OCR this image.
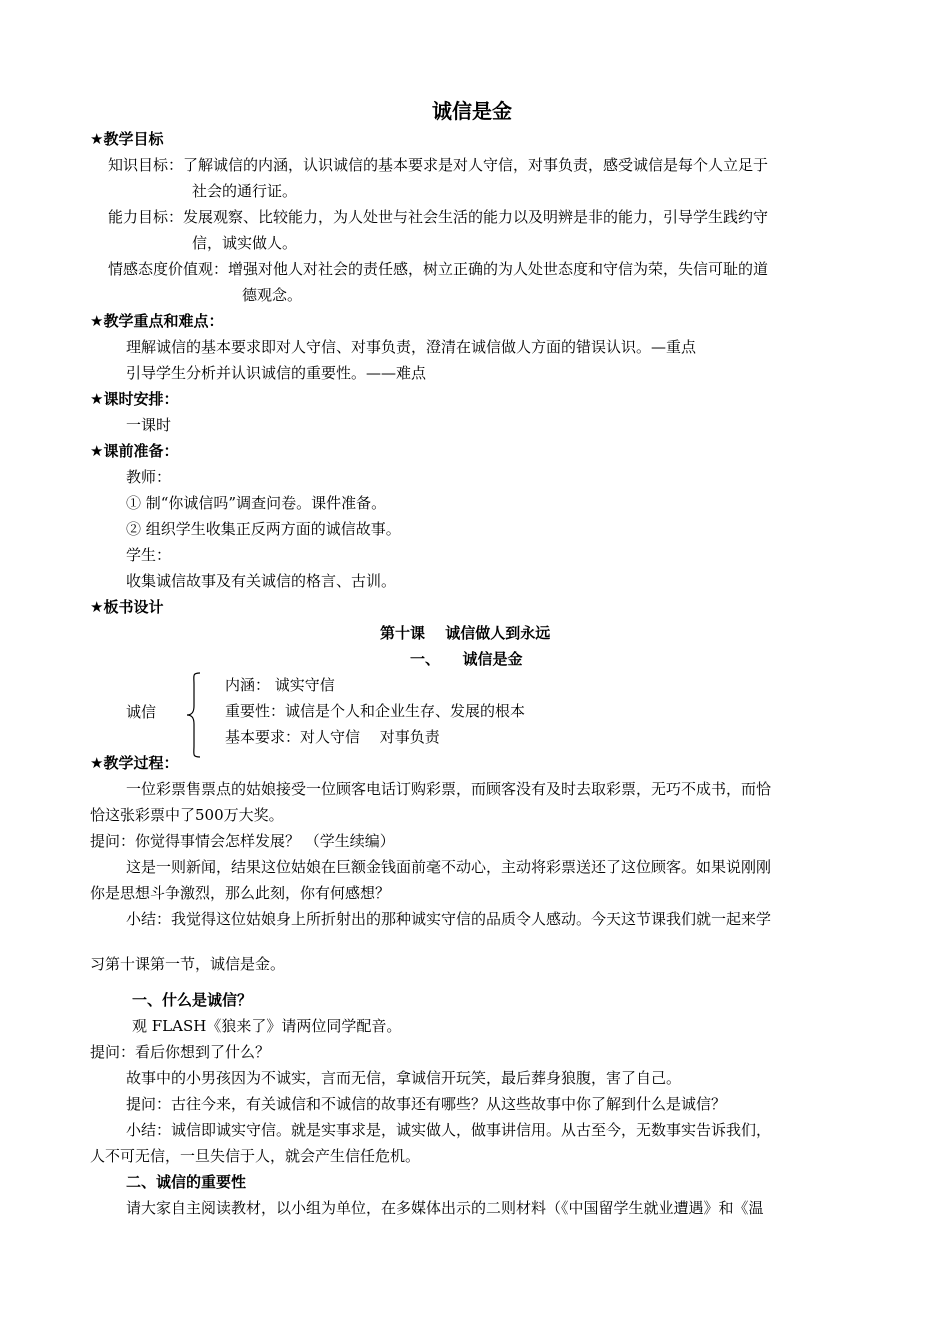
诚信是金
★教学目标
知识目标：了解诚信的内涵，认识诚信的基本要求是对人守信，对事负责，感受诚信是每个人立足于
社会的通行证。
能力目标：发展观察、比较能力，为人处世与社会生活的能力以及明辨是非的能力，引导学生践约守
信，诚实做人。
情感态度价值观：增强对他人对社会的责任感，树立正确的为人处世态度和守信为荣，失信可耻的道
德观念。
★教学重点和难点：
理解诚信的基本要求即对人守信、对事负责，澄清在诚信做人方面的错误认识。—重点
引导学生分析并认识诚信的重要性。——难点
★课时安排：
一课时
★课前准备：
教师：
① 制“你诚信吗”调查问卷。课件准备。
② 组织学生收集正反两方面的诚信故事。
学生：
收集诚信故事及有关诚信的格言、古训。
★板书设计
第十课　 诚信做人到永远
一、　　诚信是金
诚信
内涵： 诚实守信
重要性：诚信是个人和企业生存、发展的根本
基本要求：对人守信　 对事负责
★教学过程：
一位彩票售票点的姑娘接受一位顾客电话订购彩票，而顾客没有及时去取彩票，无巧不成书，而恰
恰这张彩票中了500万大奖。
提问：你觉得事情会怎样发展？ （学生续编）
这是一则新闻，结果这位姑娘在巨额金钱面前毫不动心，主动将彩票送还了这位顾客。如果说刚刚
你是思想斗争激烈，那么此刻，你有何感想？
小结：我觉得这位姑娘身上所折射出的那种诚实守信的品质令人感动。今天这节课我们就一起来学
习第十课第一节，诚信是金。
一、什么是诚信？
观 FLASH《狼来了》请两位同学配音。
提问：看后你想到了什么？
故事中的小男孩因为不诚实，言而无信，拿诚信开玩笑，最后葬身狼腹，害了自己。
提问：古往今来，有关诚信和不诚信的故事还有哪些？从这些故事中你了解到什么是诚信？
小结：诚信即诚实守信。就是实事求是，诚实做人，做事讲信用。从古至今，无数事实告诉我们，
人不可无信，一旦失信于人，就会产生信任危机。
二、诚信的重要性
请大家自主阅读教材，以小组为单位，在多媒体出示的二则材料（《中国留学生就业遭遇》和《温
